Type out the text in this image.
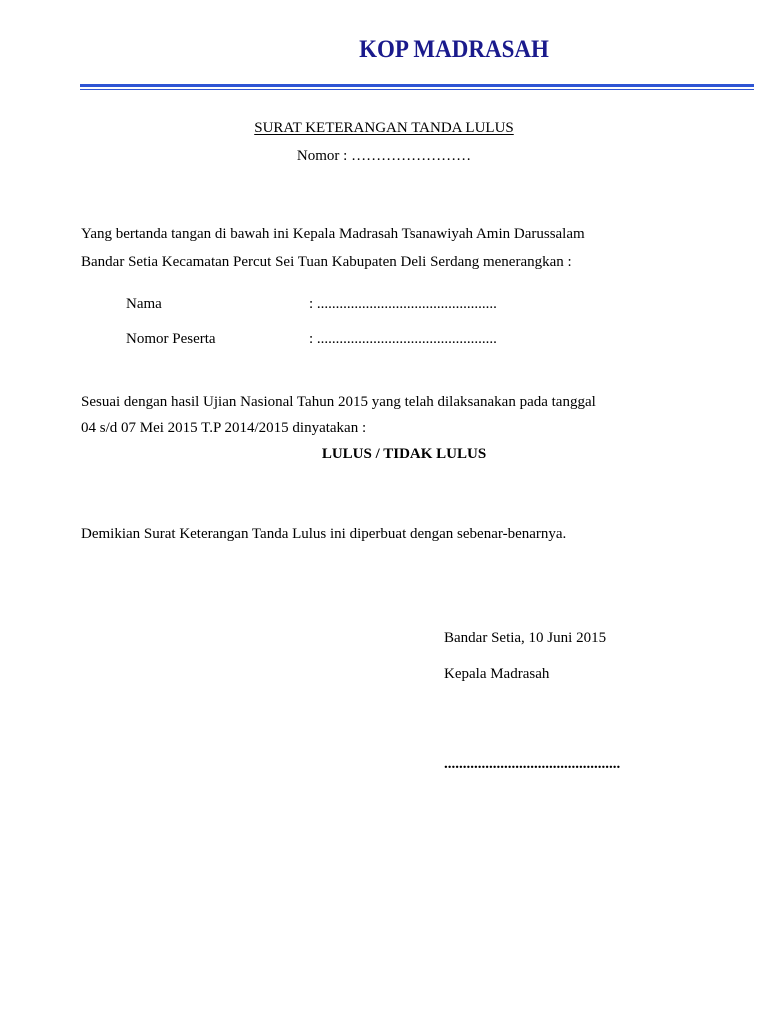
KOP MADRASAH
SURAT KETERANGAN TANDA LULUS
Nomor : ……………………
Yang bertanda tangan di bawah ini Kepala Madrasah Tsanawiyah Amin Darussalam
Bandar Setia Kecamatan Percut Sei Tuan Kabupaten Deli Serdang menerangkan :
Nama	: ................................................
Nomor Peserta	: ................................................
Sesuai dengan hasil Ujian Nasional Tahun 2015 yang telah dilaksanakan pada tanggal
04 s/d 07 Mei 2015 T.P 2014/2015 dinyatakan :
LULUS / TIDAK LULUS
Demikian Surat Keterangan Tanda Lulus ini diperbuat dengan sebenar-benarnya.
Bandar Setia, 10 Juni 2015
Kepala Madrasah
...............................................
